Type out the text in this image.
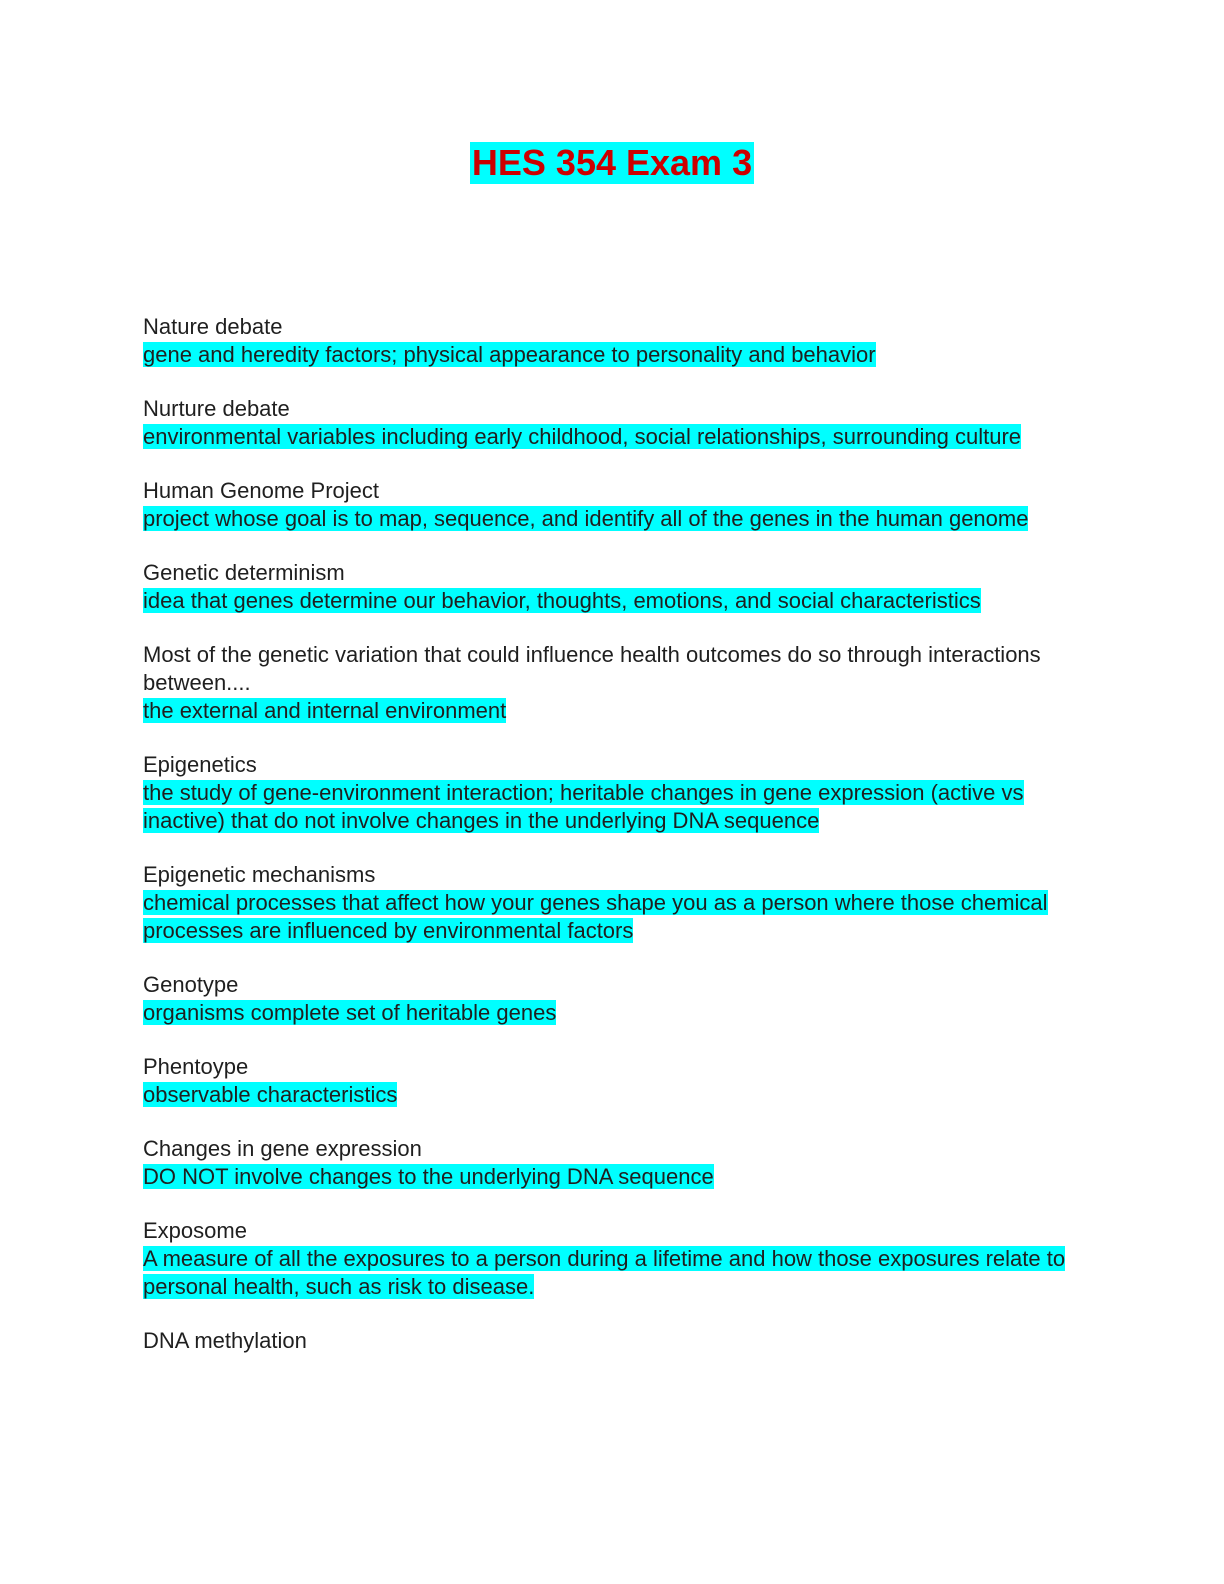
HES 354 Exam 3
Nature debate
gene and heredity factors; physical appearance to personality and behavior
Nurture debate
environmental variables including early childhood, social relationships, surrounding culture
Human Genome Project
project whose goal is to map, sequence, and identify all of the genes in the human genome
Genetic determinism
idea that genes determine our behavior, thoughts, emotions, and social characteristics
Most of the genetic variation that could influence health outcomes do so through interactions between....
the external and internal environment
Epigenetics
the study of gene-environment interaction; heritable changes in gene expression (active vs inactive) that do not involve changes in the underlying DNA sequence
Epigenetic mechanisms
chemical processes that affect how your genes shape you as a person where those chemical processes are influenced by environmental factors
Genotype
organisms complete set of heritable genes
Phentoype
observable characteristics
Changes in gene expression
DO NOT involve changes to the underlying DNA sequence
Exposome
A measure of all the exposures to a person during a lifetime and how those exposures relate to personal health, such as risk to disease.
DNA methylation
